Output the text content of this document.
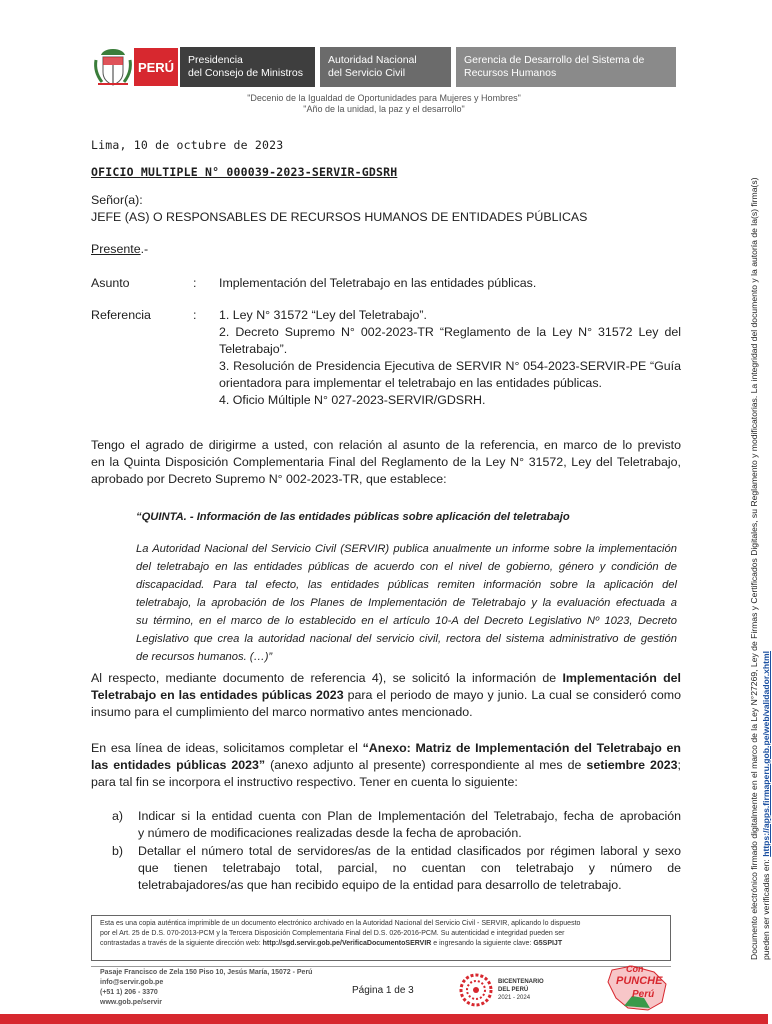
PERÚ	Presidencia
del Consejo de Ministros
Autoridad Nacional
del Servicio Civil
Gerencia de Desarrollo del Sistema de
Recursos Humanos
"Decenio de la Igualdad de Oportunidades para Mujeres y Hombres"
"Año de la unidad, la paz y el desarrollo"
Lima, 10 de octubre de 2023
OFICIO MULTIPLE N° 000039-2023-SERVIR-GDSRH
Señor(a):
JEFE (AS) O RESPONSABLES DE RECURSOS HUMANOS DE ENTIDADES PÚBLICAS
Presente.-
Asunto	: Implementación del Teletrabajo en las entidades públicas.
Referencia	: 1. Ley N° 31572 “Ley del Teletrabajo”.
2. Decreto Supremo N° 002-2023-TR “Reglamento de la Ley N° 31572 Ley del
Teletrabajo”.
3. Resolución de Presidencia Ejecutiva de SERVIR N° 054-2023-SERVIR-PE “Guía
orientadora para implementar el teletrabajo en las entidades públicas.
4. Oficio Múltiple N° 027-2023-SERVIR/GDSRH.
Tengo el agrado de dirigirme a usted, con relación al asunto de la referencia, en marco de lo previsto
en la Quinta Disposición Complementaria Final del Reglamento de la Ley N° 31572, Ley del Teletrabajo,
aprobado por Decreto Supremo N° 002-2023-TR, que establece:
“QUINTA. - Información de las entidades públicas sobre aplicación del teletrabajo
La Autoridad Nacional del Servicio Civil (SERVIR) publica anualmente un informe sobre la implementación
del teletrabajo en las entidades públicas de acuerdo con el nivel de gobierno, género y condición de
discapacidad. Para tal efecto, las entidades públicas remiten información sobre la aplicación del
teletrabajo, la aprobación de los Planes de Implementación de Teletrabajo y la evaluación efectuada a
su término, en el marco de lo establecido en el artículo 10-A del Decreto Legislativo Nº 1023, Decreto
Legislativo que crea la autoridad nacional del servicio civil, rectora del sistema administrativo de gestión
de recursos humanos. (…)”
Al respecto, mediante documento de referencia 4), se solicitó la información de Implementación del
Teletrabajo en las entidades públicas 2023 para el periodo de mayo y junio. La cual se consideró como
insumo para el cumplimiento del marco normativo antes mencionado.
En esa línea de ideas, solicitamos completar el “Anexo: Matriz de Implementación del Teletrabajo en
las entidades públicas 2023” (anexo adjunto al presente) correspondiente al mes de setiembre 2023;
para tal fin se incorpora el instructivo respectivo. Tener en cuenta lo siguiente:
a) Indicar si la entidad cuenta con Plan de Implementación del Teletrabajo, fecha de aprobación
y número de modificaciones realizadas desde la fecha de aprobación.
b) Detallar el número total de servidores/as de la entidad clasificados por régimen laboral y sexo
que tienen teletrabajo total, parcial, no cuentan con teletrabajo y número de
teletrabajadores/as que han recibido equipo de la entidad para desarrollo de teletrabajo.
Esta es una copia auténtica imprimible de un documento electrónico archivado en la Autoridad Nacional del Servicio Civil - SERVIR, aplicando lo dispuesto
por el Art. 25 de D.S. 070-2013-PCM y la Tercera Disposición Complementaria Final del D.S. 026-2016-PCM. Su autenticidad e integridad pueden ser
contrastadas a través de la siguiente dirección web: http://sgd.servir.gob.pe/VerificaDocumentoSERVIR e ingresando la siguiente clave: G5SPIJT
Pasaje Francisco de Zela 150 Piso 10, Jesús María, 15072 - Perú
info@servir.gob.pe
(+51 1) 206 - 3370
www.gob.pe/servir
Página 1 de 3
BICENTENARIO
DEL PERÚ
2021 - 2024
Con
PUNCHE
Perú
Documento electrónico firmado digitalmente en el marco de la Ley N°27269, Ley de Firmas y Certificados Digitales, su Reglamento y modificatorias. La integridad del documento y la autoría de la(s) firma(s) pueden ser verificadas en: https://apps.firmaperu.gob.pe/web/validador.xhtml
